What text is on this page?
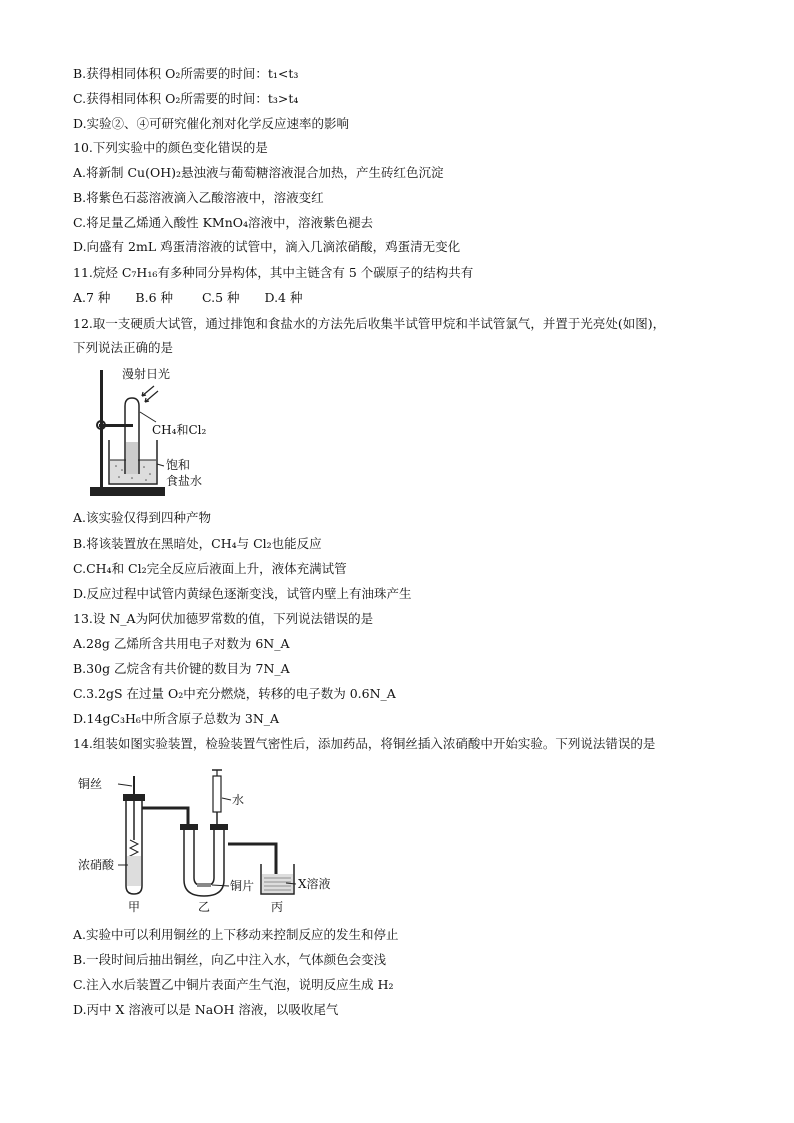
B.获得相同体积 O₂所需要的时间：t₁<t₃
C.获得相同体积 O₂所需要的时间：t₃>t₄
D.实验②、④可研究催化剂对化学反应速率的影响
10.下列实验中的颜色变化错误的是
A.将新制 Cu(OH)₂悬浊液与葡萄糖溶液混合加热，产生砖红色沉淀
B.将紫色石蕊溶液滴入乙酸溶液中，溶液变红
C.将足量乙烯通入酸性 KMnO₄溶液中，溶液紫色褪去
D.向盛有 2mL 鸡蛋清溶液的试管中，滴入几滴浓硝酸，鸡蛋清无变化
11.烷烃 C₇H₁₆有多种同分异构体，其中主链含有 5 个碳原子的结构共有
A.7 种　　B.6 种　　 C.5 种　　D.4 种
12.取一支硬质大试管，通过排饱和食盐水的方法先后收集半试管甲烷和半试管氯气，并置于光亮处(如图)，
下列说法正确的是
漫射日光
CH₄和Cl₂
饱和
食盐水
A.该实验仅得到四种产物
B.将该装置放在黑暗处，CH₄与 Cl₂也能反应
C.CH₄和 Cl₂完全反应后液面上升，液体充满试管
D.反应过程中试管内黄绿色逐渐变浅，试管内壁上有油珠产生
13.设 N_A为阿伏加德罗常数的值，下列说法错误的是
A.28g 乙烯所含共用电子对数为 6N_A
B.30g 乙烷含有共价键的数目为 7N_A
C.3.2gS 在过量 O₂中充分燃烧，转移的电子数为 0.6N_A
D.14gC₃H₆中所含原子总数为 3N_A
14.组装如图实验装置，检验装置气密性后，添加药品，将铜丝插入浓硝酸中开始实验。下列说法错误的是
铜丝
水
浓硝酸
铜片	X溶液
甲	乙	丙
A.实验中可以利用铜丝的上下移动来控制反应的发生和停止
B.一段时间后抽出铜丝，向乙中注入水，气体颜色会变浅
C.注入水后装置乙中铜片表面产生气泡，说明反应生成 H₂
D.丙中 X 溶液可以是 NaOH 溶液，以吸收尾气
